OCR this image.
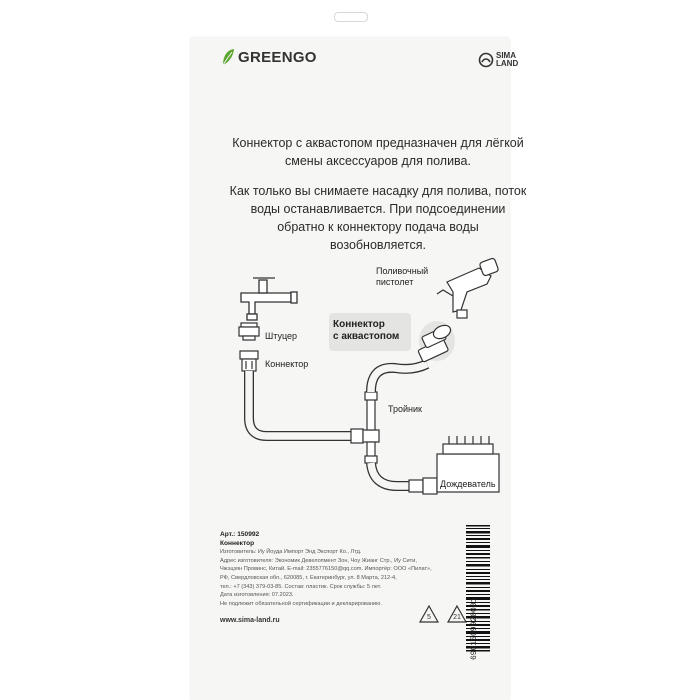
GREENGO	SIMA
LAND
Коннектор с аквастопом предназначен для лёгкой смены аксессуаров для полива.
Как только вы снимаете насадку для полива, поток воды останавливается. При подсоединении обратно к коннектору подача воды возобновляется.
Поливочный
пистолет
Штуцер
Коннектор
Коннектор
с аквастопом
Тройник
Дождеватель
Арт.: 150992
Коннектор
Изготовитель: Иу Йоуда Импорт Энд Экспорт Ко., Лтд.
Адрес изготовителя: Экономик Девелопмент Зон, Чоу Жианг Стр., Иу Сити,
Чжэцзян Провинс, Китай. E-mail: 2355776150@qq.com. Импортёр: ООО «Пилат»,
РФ, Свердловская обл., 620085, г. Екатеринбург, ул. 8 Марта, 212-4,
тел.: +7 (343) 379-03-85. Состав: пластик. Срок службы: 5 лет.
Дата изготовления: 07.2023.
Не подлежит обязательной сертификации и декларированию.
www.sima-land.ru	5	21 6901509920001
